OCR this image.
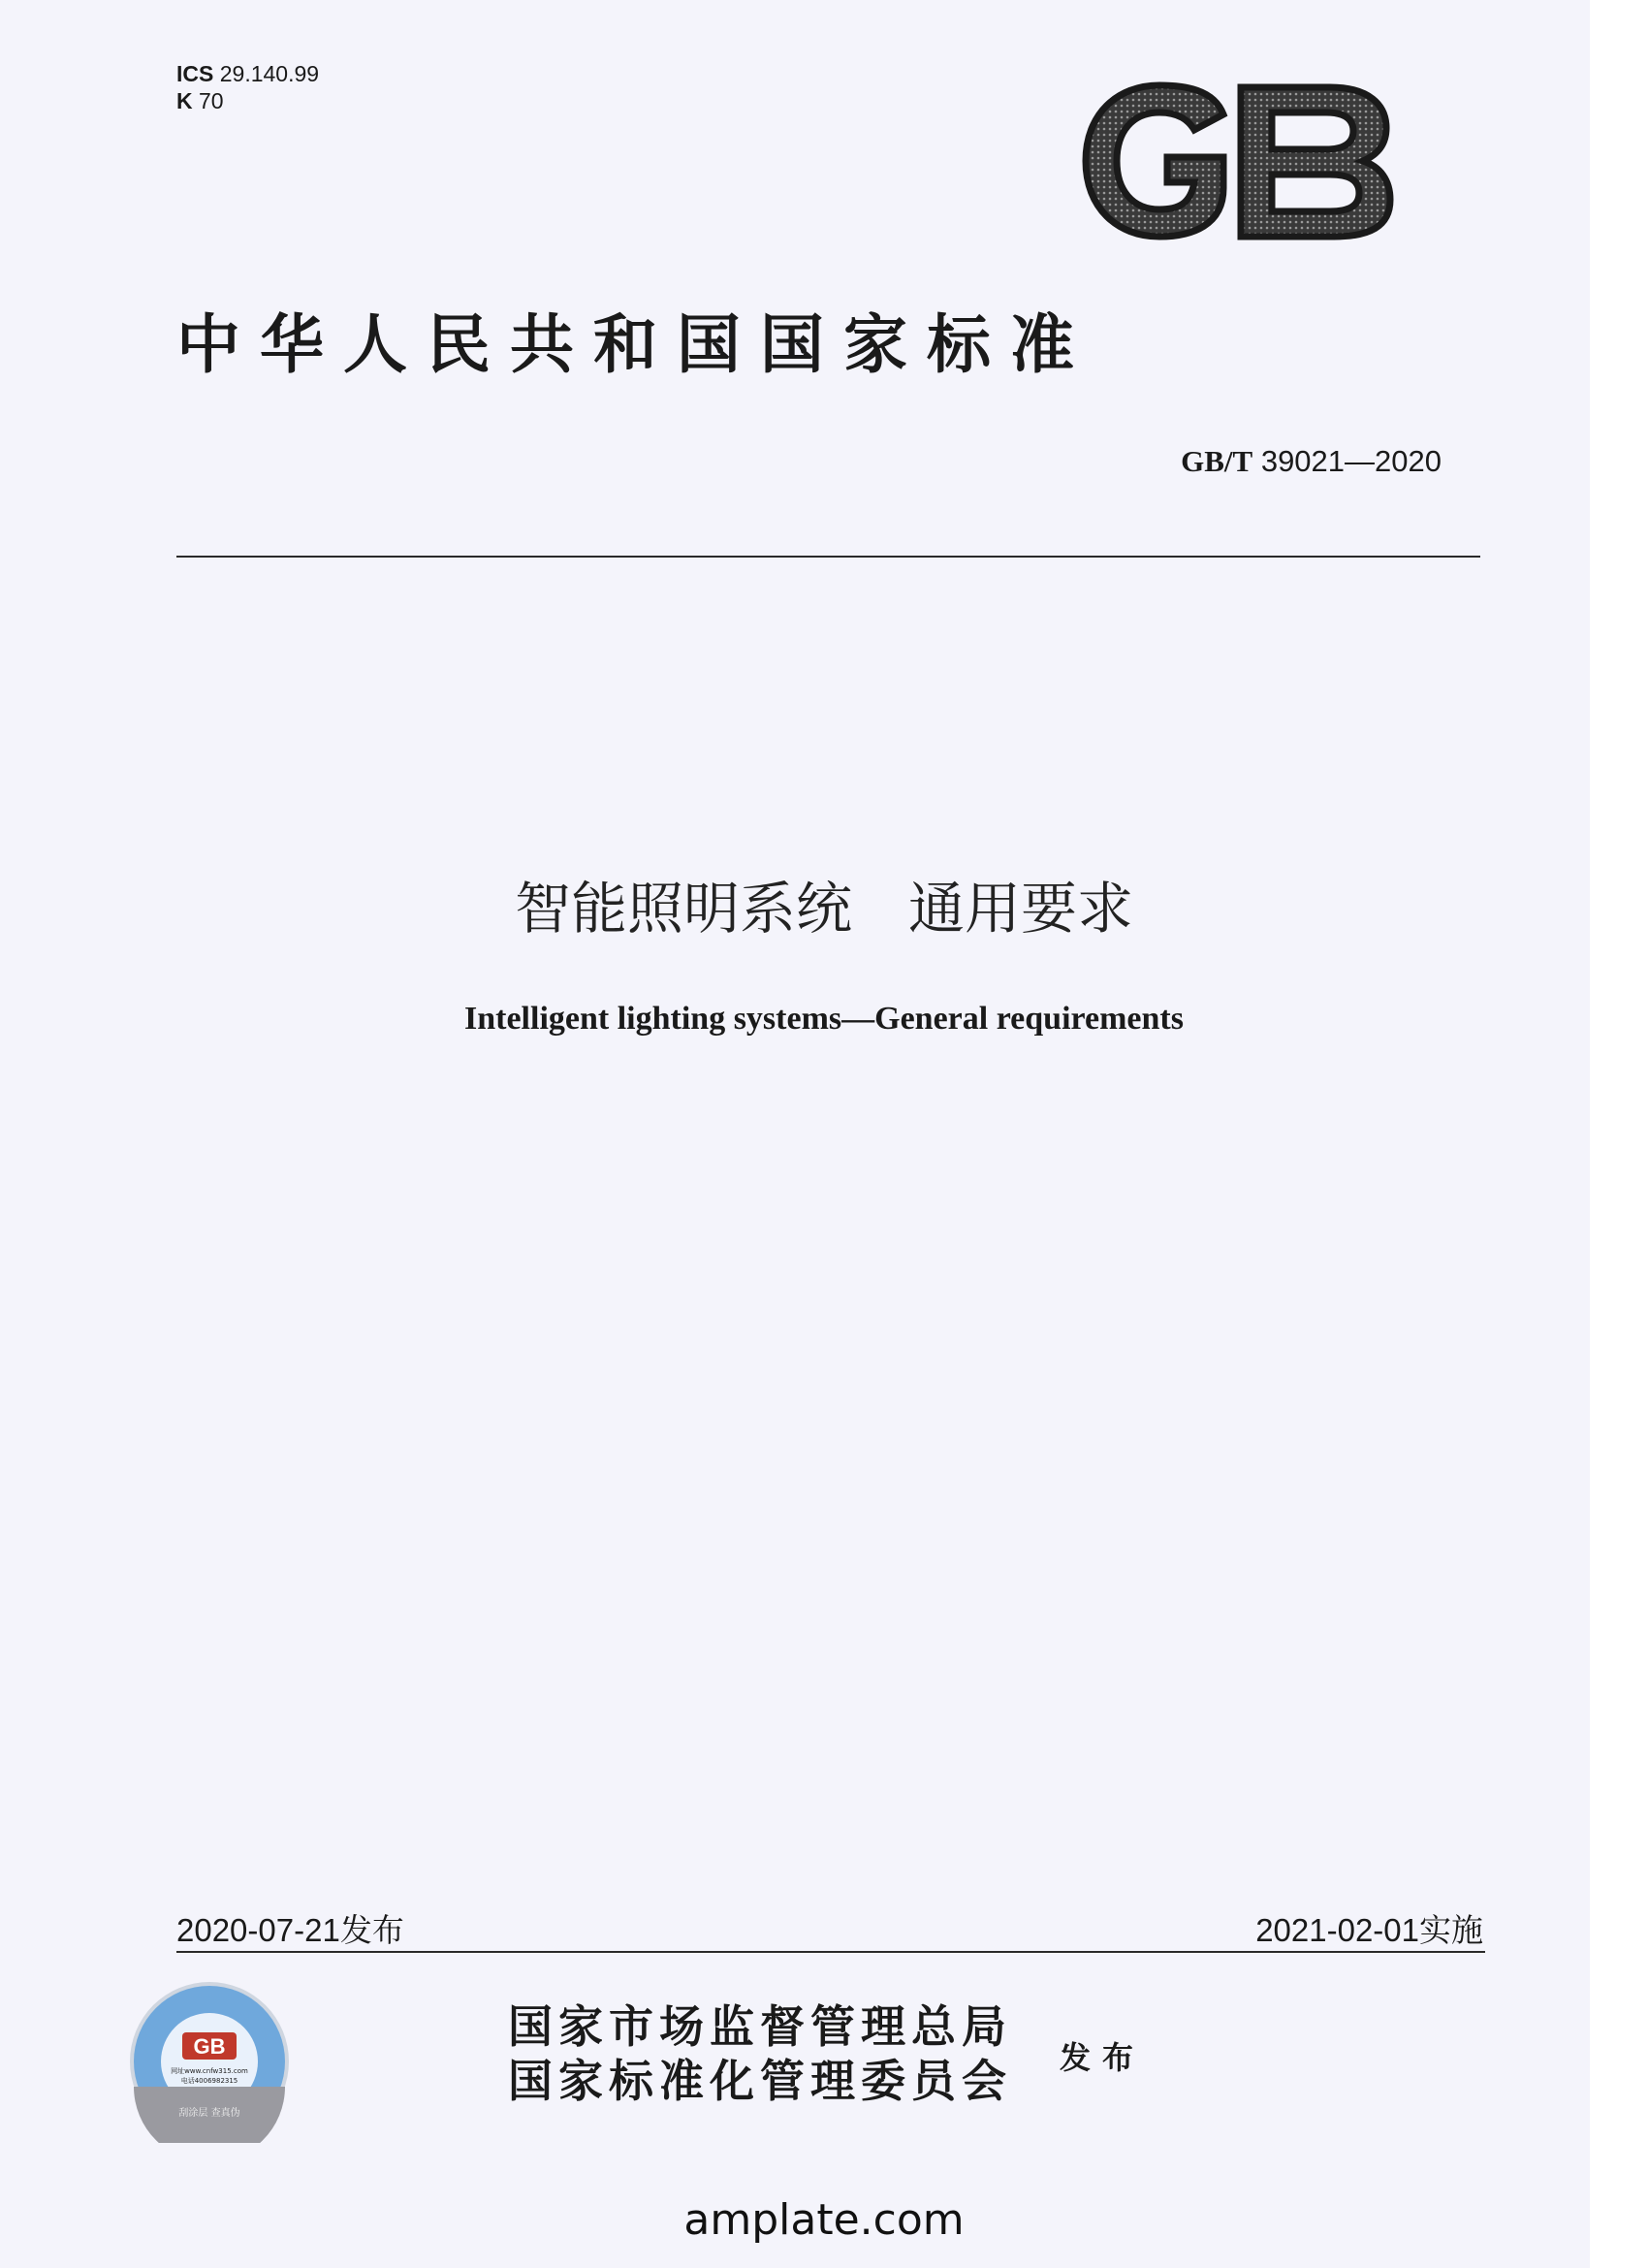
ICS 29.140.99
K 70
中华人民共和国国家标准
GB/T 39021—2020
智能照明系统　通用要求
Intelligent lighting systems—General requirements
2020-07-21发布	2021-02-01实施
GB
网址www.cnfw315.com
电话4006982315
刮涂层 查真伪
国家市场监督管理总局
国家标准化管理委员会 发布
amplate.com
